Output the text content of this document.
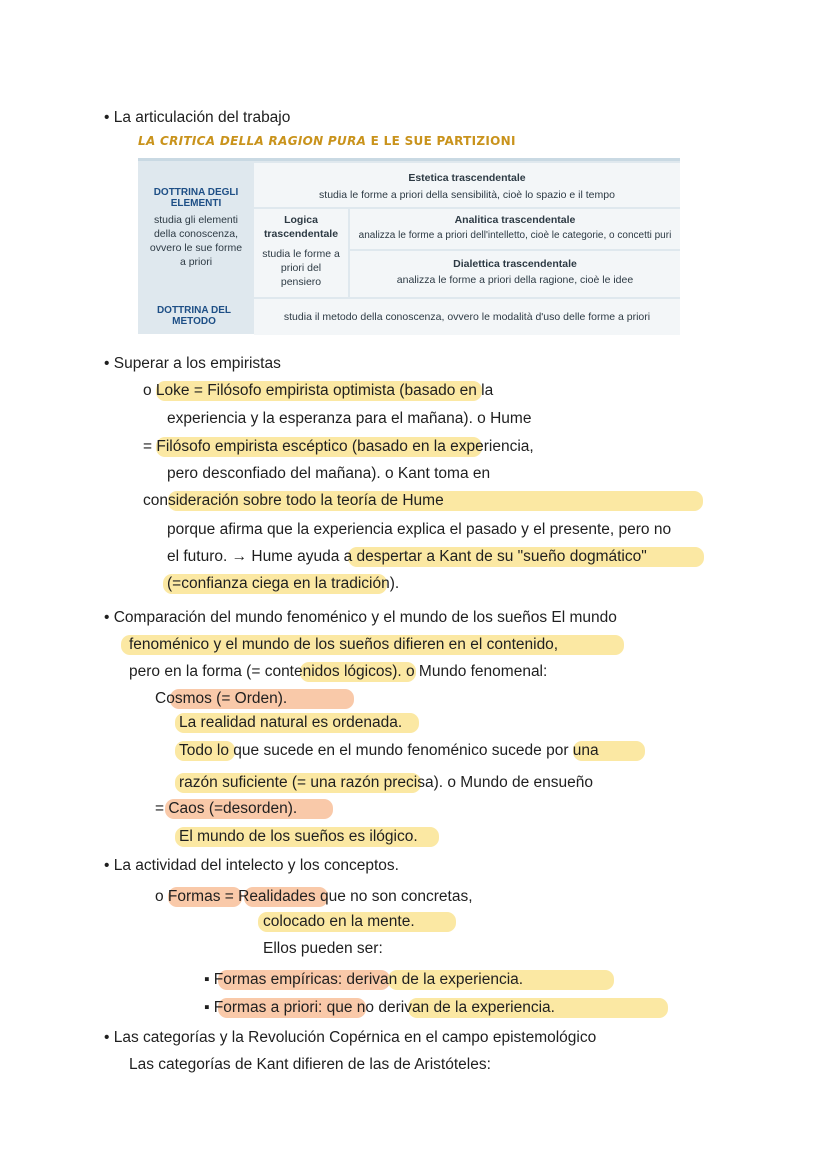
• La articulación del trabajo
LA CRITICA DELLA RAGION PURA E LE SUE PARTIZIONI
DOTTRINA DEGLI ELEMENTI
studia gli elementi della conoscenza, ovvero le sue forme a priori
Estetica trascendentale
studia le forme a priori della sensibilità, cioè lo spazio e il tempo
Logica trascendentale
studia le forme a priori del pensiero
Analitica trascendentale
analizza le forme a priori dell'intelletto, cioè le categorie, o concetti puri
Dialettica trascendentale
analizza le forme a priori della ragione, cioè le idee
DOTTRINA DEL METODO	studia il metodo della conoscenza, ovvero le modalità d'uso delle forme a priori
• Superar a los empiristas
o Loke = Filósofo empirista optimista (basado en la
experiencia y la esperanza para el mañana). o Hume
= Filósofo empirista escéptico (basado en la experiencia,
pero desconfiado del mañana). o Kant toma en
consideración sobre todo la teoría de Hume
porque afirma que la experiencia explica el pasado y el presente, pero no
el futuro. → Hume ayuda a despertar a Kant de su "sueño dogmático"
(=confianza ciega en la tradición).
• Comparación del mundo fenoménico y el mundo de los sueños El mundo
fenoménico y el mundo de los sueños difieren en el contenido,
pero en la forma (= contenidos lógicos). o Mundo fenomenal:
Cosmos (= Orden).
La realidad natural es ordenada.
Todo lo que sucede en el mundo fenoménico sucede por una
razón suficiente (= una razón precisa). o Mundo de ensueño
= Caos (=desorden).
El mundo de los sueños es ilógico.
• La actividad del intelecto y los conceptos.
o Formas = Realidades que no son concretas,
colocado en la mente.
Ellos pueden ser:
▪ Formas empíricas: derivan de la experiencia.
▪ Formas a priori: que no derivan de la experiencia.
• Las categorías y la Revolución Copérnica en el campo epistemológico
Las categorías de Kant difieren de las de Aristóteles:
